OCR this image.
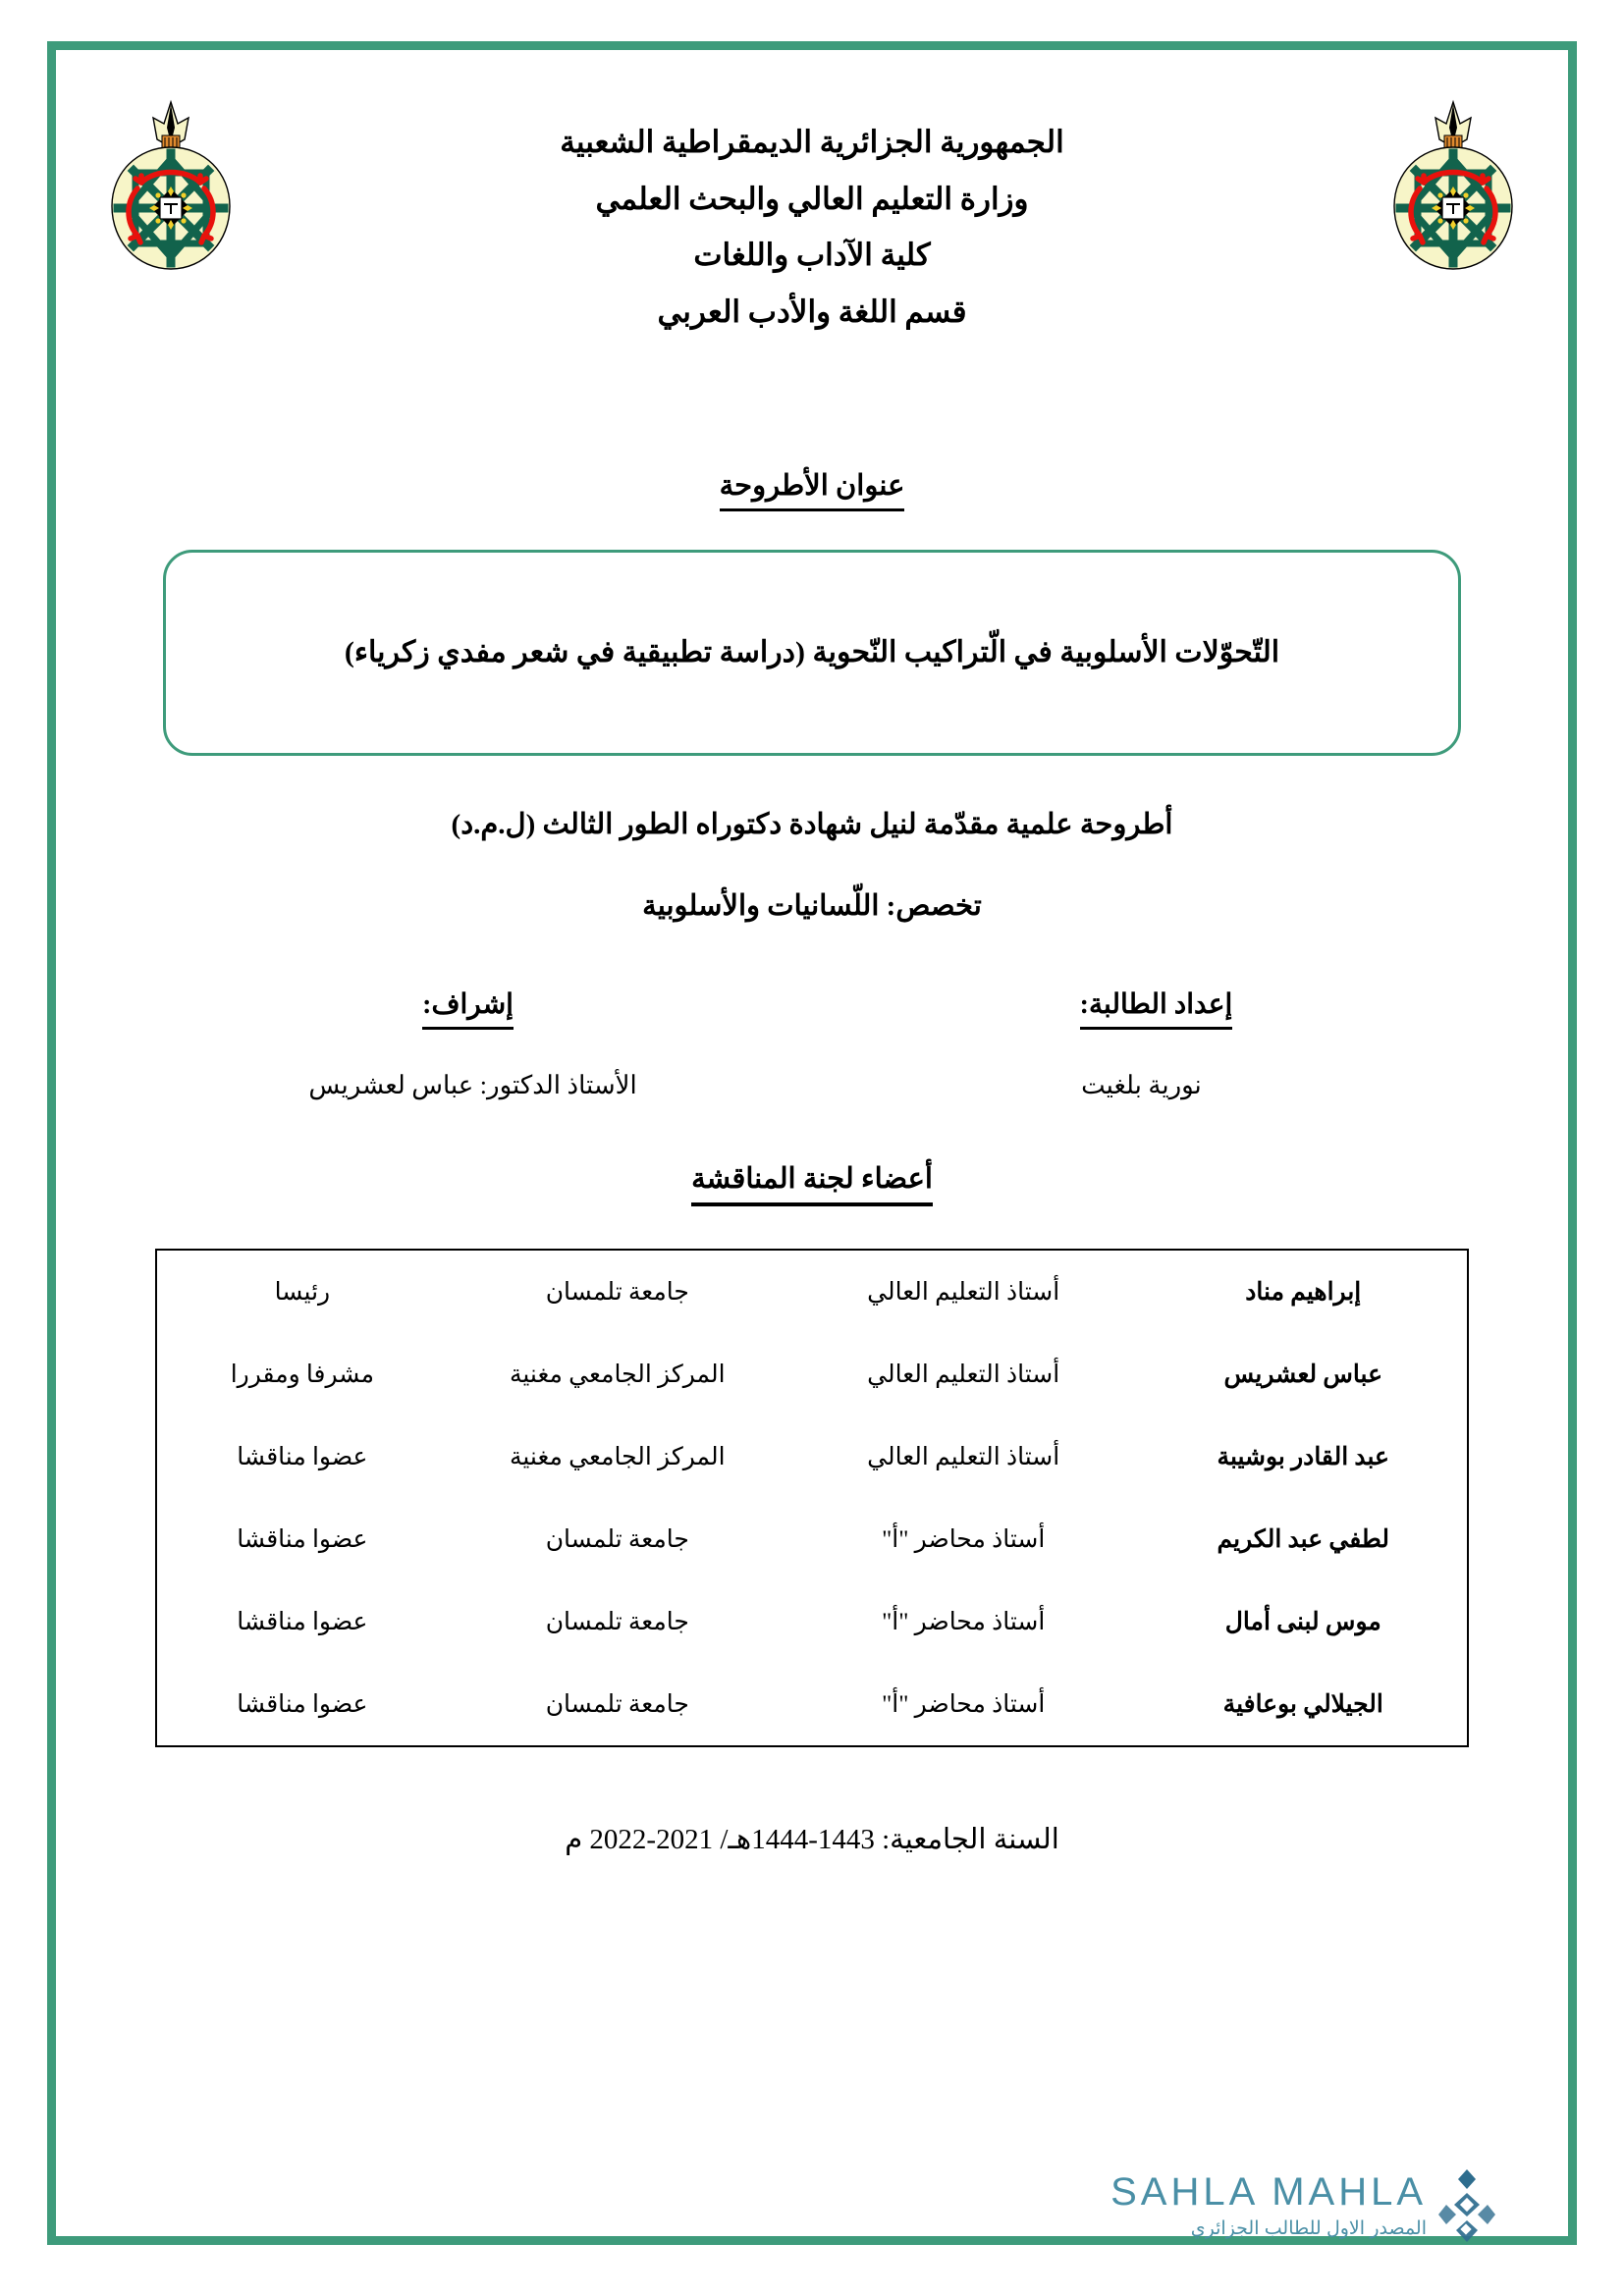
الجمهورية الجزائرية الديمقراطية الشعبية
وزارة التعليم العالي والبحث العلمي
كلية الآداب واللغات
قسم اللغة والأدب العربي
عنوان الأطروحة
التّحوّلات الأسلوبية في الّتراكيب النّحوية (دراسة تطبيقية في شعر مفدي زكرياء)
أطروحة علمية مقدّمة لنيل شهادة دكتوراه الطور الثالث (ل.م.د)
تخصص: اللّسانيات والأسلوبية
إعداد الطالبة:
نورية بلغيت
إشراف:
الأستاذ الدكتور: عباس لعشريس
أعضاء لجنة المناقشة
إبراهيم مناد	أستاذ التعليم العالي	جامعة تلمسان	رئيسا
عباس لعشريس	أستاذ التعليم العالي	المركز الجامعي مغنية	مشرفا ومقررا
عبد القادر بوشيبة	أستاذ التعليم العالي	المركز الجامعي مغنية	عضوا مناقشا
لطفي عبد الكريم	أستاذ محاضر "أ"	جامعة تلمسان	عضوا مناقشا
موس لبنى أمال	أستاذ محاضر "أ"	جامعة تلمسان	عضوا مناقشا
الجيلالي بوعافية	أستاذ محاضر "أ"	جامعة تلمسان	عضوا مناقشا
السنة الجامعية: 1443-1444هـ/ 2021-2022 م
SAHLA MAHLA
المصدر الاول للطالب الجزائري
